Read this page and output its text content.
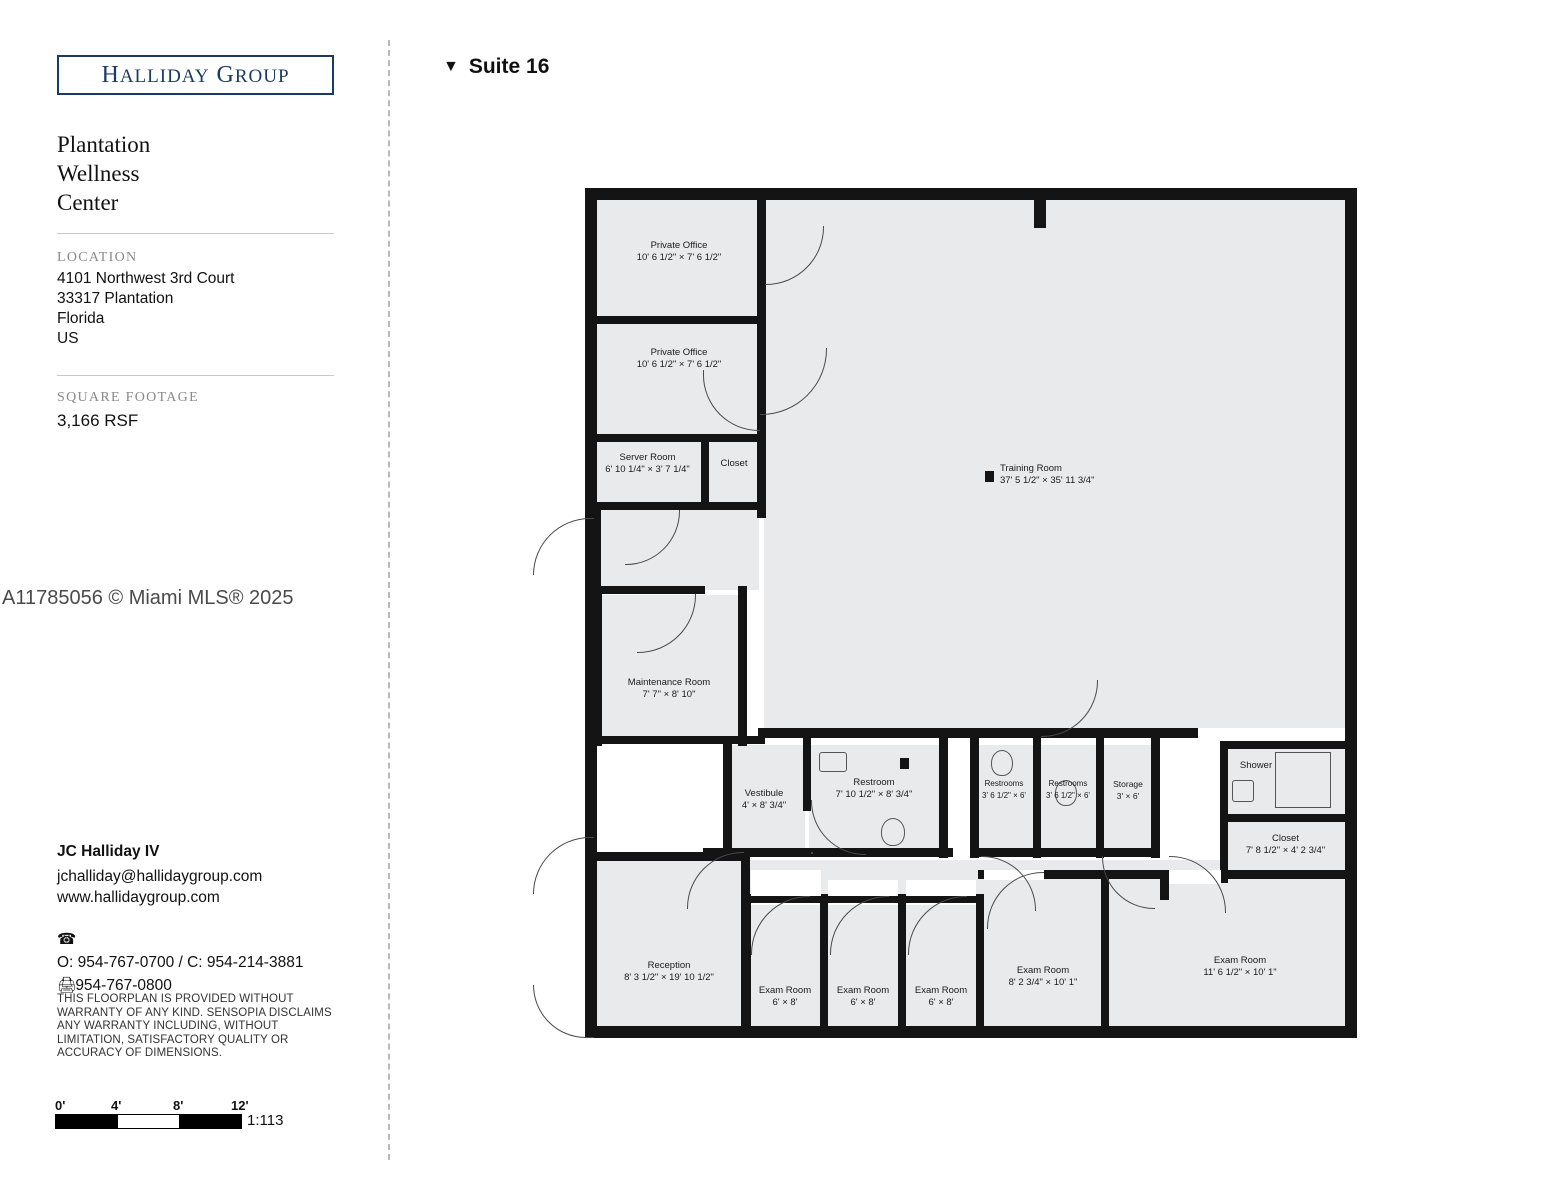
HALLIDAY GROUP
Plantation
Wellness
Center
LOCATION
4101 Northwest 3rd Court
33317 Plantation
Florida
US
SQUARE FOOTAGE
3,166 RSF
A11785056 © Miami MLS® 2025
JC Halliday IV
jchalliday@hallidaygroup.com
www.hallidaygroup.com
☎
O: 954-767-0700 / C: 954-214-3881
🖨 954-767-0800
THIS FLOORPLAN IS PROVIDED WITHOUT WARRANTY OF ANY KIND. SENSOPIA DISCLAIMS ANY WARRANTY INCLUDING, WITHOUT LIMITATION, SATISFACTORY QUALITY OR ACCURACY OF DIMENSIONS.
0'	4'	8'	12'
1:113
▼ Suite 16
Private Office
10' 6 1/2" × 7' 6 1/2"
Private Office
10' 6 1/2" × 7' 6 1/2"
Server Room
6' 10 1/4" × 3' 7 1/4"
Closet	Training Room
37' 5 1/2" × 35' 11 3/4"
Maintenance Room
7' 7" × 8' 10"
Vestibule
4' × 8' 3/4"
Restroom
7' 10 1/2" × 8' 3/4"
Restrooms
3' 6 1/2" × 6'
Restrooms
3' 6 1/2" × 6'
Storage
3' × 6'
Shower
Closet
7' 8 1/2" × 4' 2 3/4"
Reception
8' 3 1/2" × 19' 10 1/2"
Exam Room
6' × 8'
Exam Room
6' × 8'
Exam Room
6' × 8'
Exam Room
8' 2 3/4" × 10' 1"
Exam Room
11' 6 1/2" × 10' 1"
